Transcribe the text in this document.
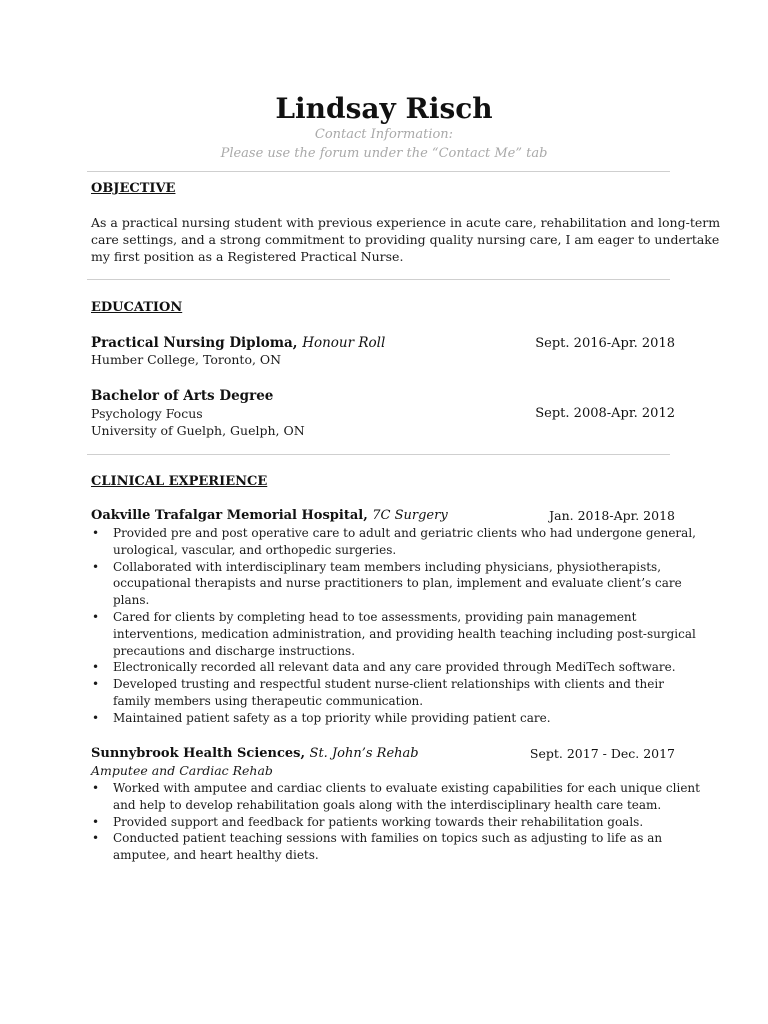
Lindsay Risch
Contact Information:
Please use the forum under the “Contact Me” tab
OBJECTIVE
As a practical nursing student with previous experience in acute care, rehabilitation and long-term
care settings, and a strong commitment to providing quality nursing care, I am eager to undertake
my first position as a Registered Practical Nurse.
EDUCATION
Practical Nursing Diploma, Honour Roll	Sept. 2016-Apr. 2018
Humber College, Toronto, ON
Bachelor of Arts Degree
Psychology Focus	Sept. 2008-Apr. 2012
University of Guelph, Guelph, ON
CLINICAL EXPERIENCE
Oakville Trafalgar Memorial Hospital, 7C Surgery	Jan. 2018-Apr. 2018
• Provided pre and post operative care to adult and geriatric clients who had undergone general,
urological, vascular, and orthopedic surgeries.
• Collaborated with interdisciplinary team members including physicians, physiotherapists,
occupational therapists and nurse practitioners to plan, implement and evaluate client’s care
plans.
• Cared for clients by completing head to toe assessments, providing pain management
interventions, medication administration, and providing health teaching including post-surgical
precautions and discharge instructions.
• Electronically recorded all relevant data and any care provided through MediTech software.
• Developed trusting and respectful student nurse-client relationships with clients and their
family members using therapeutic communication.
• Maintained patient safety as a top priority while providing patient care.
Sunnybrook Health Sciences, St. John’s Rehab	Sept. 2017 - Dec. 2017
Amputee and Cardiac Rehab
• Worked with amputee and cardiac clients to evaluate existing capabilities for each unique client
and help to develop rehabilitation goals along with the interdisciplinary health care team.
• Provided support and feedback for patients working towards their rehabilitation goals.
• Conducted patient teaching sessions with families on topics such as adjusting to life as an
amputee, and heart healthy diets.
